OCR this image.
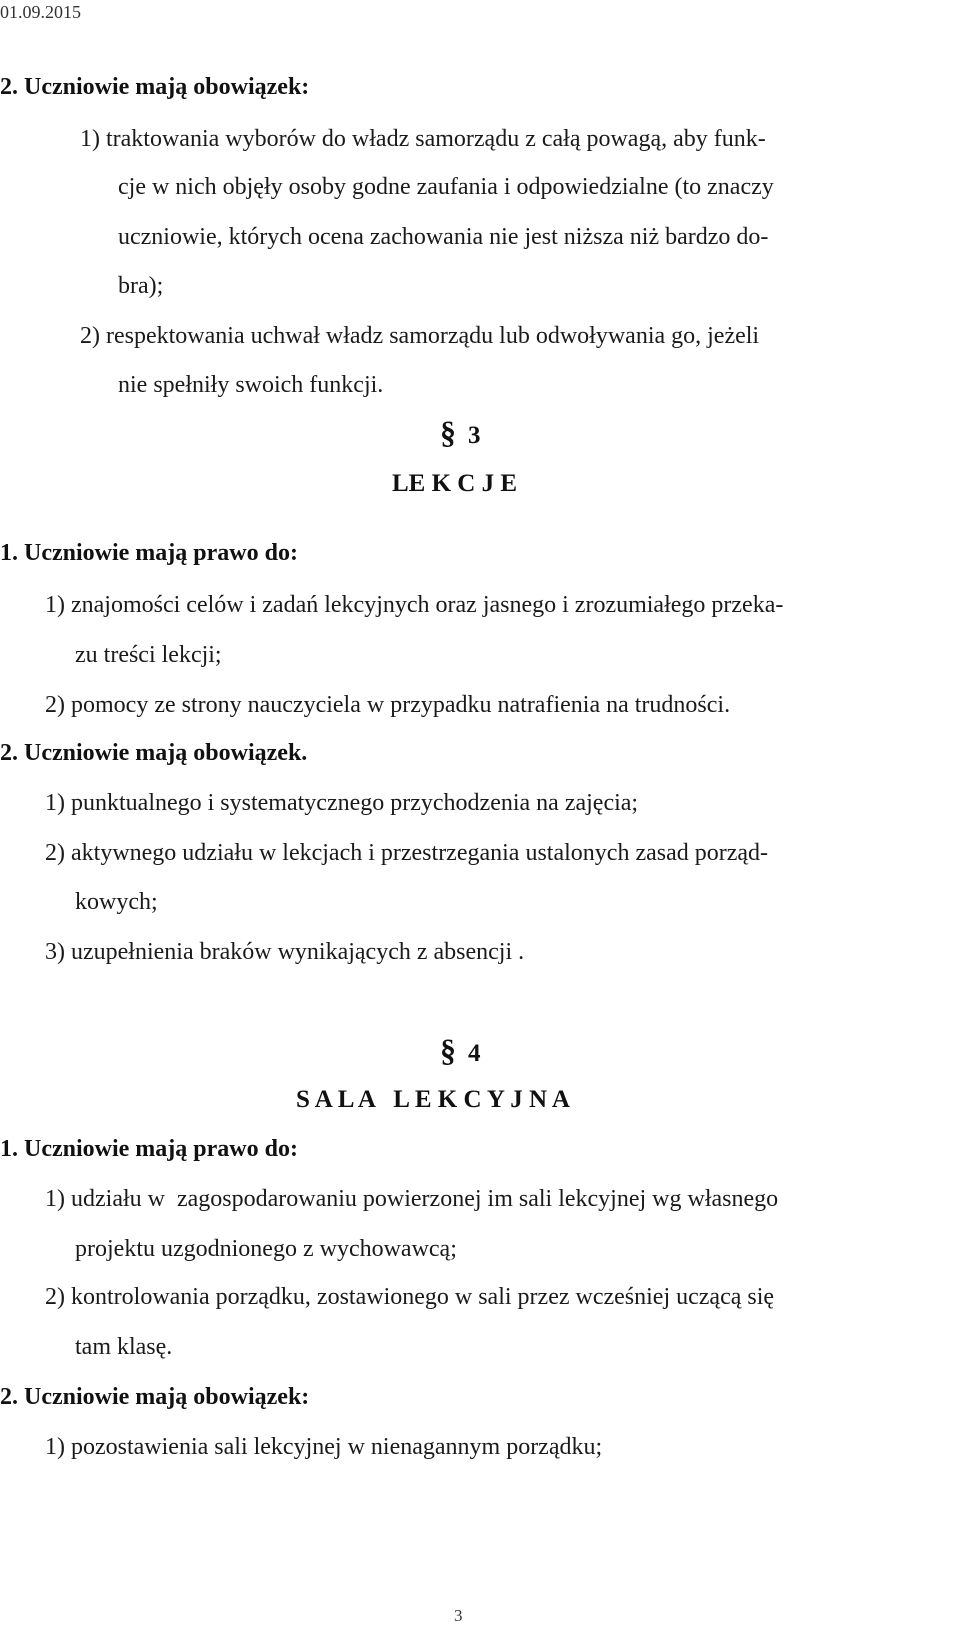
01.09.2015
2. Uczniowie mają obowiązek:
1) traktowania wyborów do władz samorządu z całą powagą, aby funk-
cje w nich objęły osoby godne zaufania i odpowiedzialne (to znaczy
uczniowie, których ocena zachowania nie jest niższa niż bardzo do-
bra);
2) respektowania uchwał władz samorządu lub odwoływania go, jeżeli
nie spełniły swoich funkcji.
§ 3
LE K C J E
1. Uczniowie mają prawo do:
1) znajomości celów i zadań lekcyjnych oraz jasnego i zrozumiałego przeka-
zu treści lekcji;
2) pomocy ze strony nauczyciela w przypadku natrafienia na trudności.
2. Uczniowie mają obowiązek.
1) punktualnego i systematycznego przychodzenia na zajęcia;
2) aktywnego udziału w lekcjach i przestrzegania ustalonych zasad porząd-
kowych;
3) uzupełnienia braków wynikających z absencji .
§ 4
S A L A   L E K C Y J N A
1. Uczniowie mają prawo do:
1) udziału w  zagospodarowaniu powierzonej im sali lekcyjnej wg własnego
projektu uzgodnionego z wychowawcą;
2) kontrolowania porządku, zostawionego w sali przez wcześniej uczącą się
tam klasę.
2. Uczniowie mają obowiązek:
1) pozostawienia sali lekcyjnej w nienagannym porządku;
3
